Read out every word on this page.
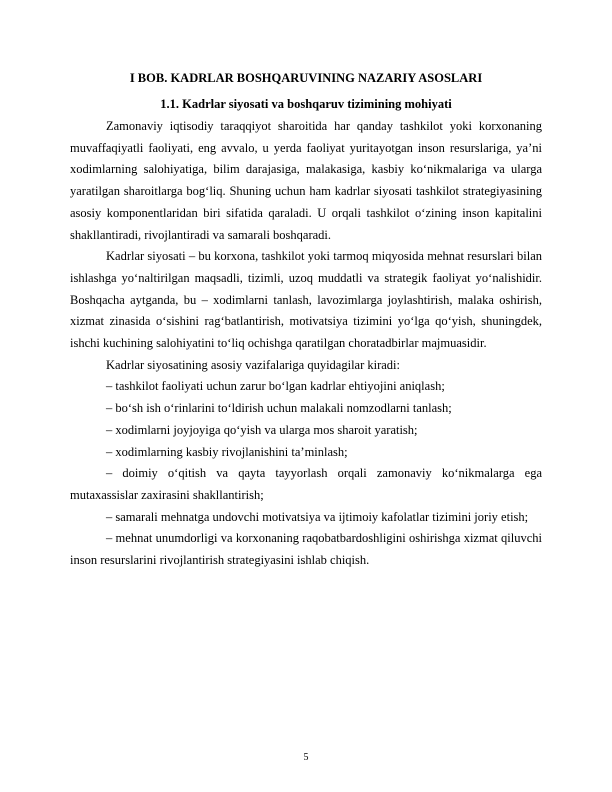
I BOB. KADRLAR BOSHQARUVINING NAZARIY ASOSLARI

1.1. Kadrlar siyosati va boshqaruv tizimining mohiyati

Zamonaviy iqtisodiy taraqqiyot sharoitida har qanday tashkilot yoki korxonaning muvaffaqiyatli faoliyati, eng avvalo, u yerda faoliyat yuritayotgan inson resurslariga, ya’ni xodimlarning salohiyatiga, bilim darajasiga, malakasiga, kasbiy ko‘nikmalariga va ularga yaratilgan sharoitlarga bog‘liq. Shuning uchun ham kadrlar siyosati tashkilot strategiyasining asosiy komponentlaridan biri sifatida qaraladi. U orqali tashkilot o‘zining inson kapitalini shakllantiradi, rivojlantiradi va samarali boshqaradi.

Kadrlar siyosati – bu korxona, tashkilot yoki tarmoq miqyosida mehnat resurslari bilan ishlashga yo‘naltirilgan maqsadli, tizimli, uzoq muddatli va strategik faoliyat yo‘nalishidir. Boshqacha aytganda, bu – xodimlarni tanlash, lavozimlarga joylashtirish, malaka oshirish, xizmat zinasida o‘sishini rag‘batlantirish, motivatsiya tizimini yo‘lga qo‘yish, shuningdek, ishchi kuchining salohiyatini to‘liq ochishga qaratilgan choratadbirlar majmuasidir.

Kadrlar siyosatining asosiy vazifalariga quyidagilar kiradi:

– tashkilot faoliyati uchun zarur bo‘lgan kadrlar ehtiyojini aniqlash;

– bo‘sh ish o‘rinlarini to‘ldirish uchun malakali nomzodlarni tanlash;

– xodimlarni joyjoyiga qo‘yish va ularga mos sharoit yaratish;

– xodimlarning kasbiy rivojlanishini ta’minlash;

– doimiy o‘qitish va qayta tayyorlash orqali zamonaviy ko‘nikmalarga ega mutaxassislar zaxirasini shakllantirish;

– samarali mehnatga undovchi motivatsiya va ijtimoiy kafolatlar tizimini joriy etish;

– mehnat unumdorligi va korxonaning raqobatbardoshligini oshirishga xizmat qiluvchi inson resurslarini rivojlantirish strategiyasini ishlab chiqish.

5
